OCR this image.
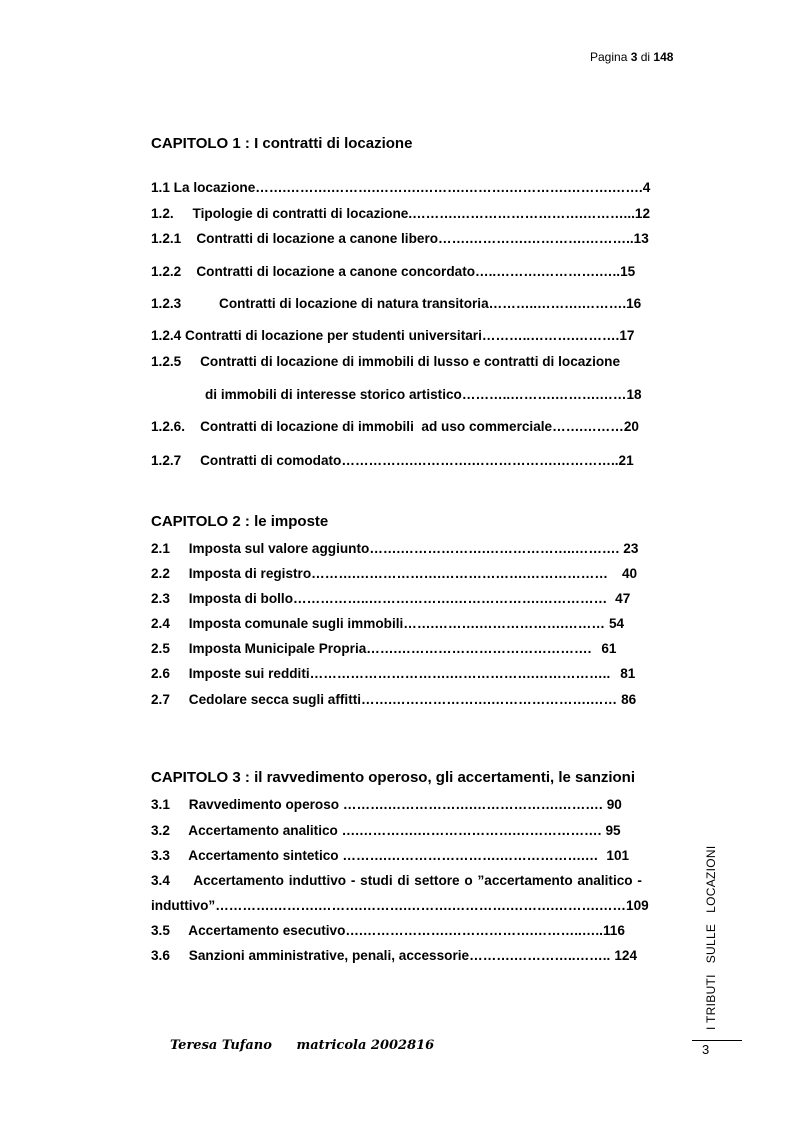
Pagina 3 di 148
CAPITOLO 1 : I contratti di locazione
1.1 La locazione…….……….……….……….……….……….………….……….…….4
1.2.     Tipologie di contratti di locazione.……….……………………….………...12
1.2.1    Contratti di locazione a canone libero…….………….………….………..13
1.2.2    Contratti di locazione a canone concordato…..……….………….…..15
1.2.3          Contratti di locazione di natura transitoria………..……….……….16
1.2.4 Contratti di locazione per studenti universitari………..……….……….17
1.2.5     Contratti di locazione di immobili di lusso e contratti di locazione
di immobili di interesse storico artistico………..……….……….……18
1.2.6.    Contratti di locazione di immobili  ad uso commerciale…….………20
1.2.7     Contratti di comodato…………….………….……………….…………..21
CAPITOLO 2 : le imposte
2.1     Imposta sul valore aggiunto…….……………….………………..………. 23
2.2     Imposta di registro……….……………….……………….……………… 40
2.3     Imposta di bollo……………..……………….……………….…………… 47
2.4     Imposta comunale sugli immobili…….……….……………….……… 54
2.5     Imposta Municipale Propria…….……………………………………. 61
2.6     Imposte sui redditi………………………….……………….…………….. 81
2.7     Cedolare secca sugli affitti…….………………….………………….…… 86
CAPITOLO 3 : il ravvedimento operoso, gli accertamenti, le sanzioni
3.1     Ravvedimento operoso ……….……………….……………….………. 90
3.2     Accertamento analitico ….………….………………….………………. 95
3.3     Accertamento sintetico ……….…………………….……………….… 101
3.4     Accertamento induttivo - studi di settore o ”accertamento analitico -
induttivo”………….……….……….……….……….………….……….……….……109
3.5     Accertamento esecutivo….……………….……………….………..…..116
3.6     Sanzioni amministrative, penali, accessorie……….…………..…….. 124	I TRIBUTI   SULLE   LOCAZIONI
3
Teresa Tufano matricola 2002816
